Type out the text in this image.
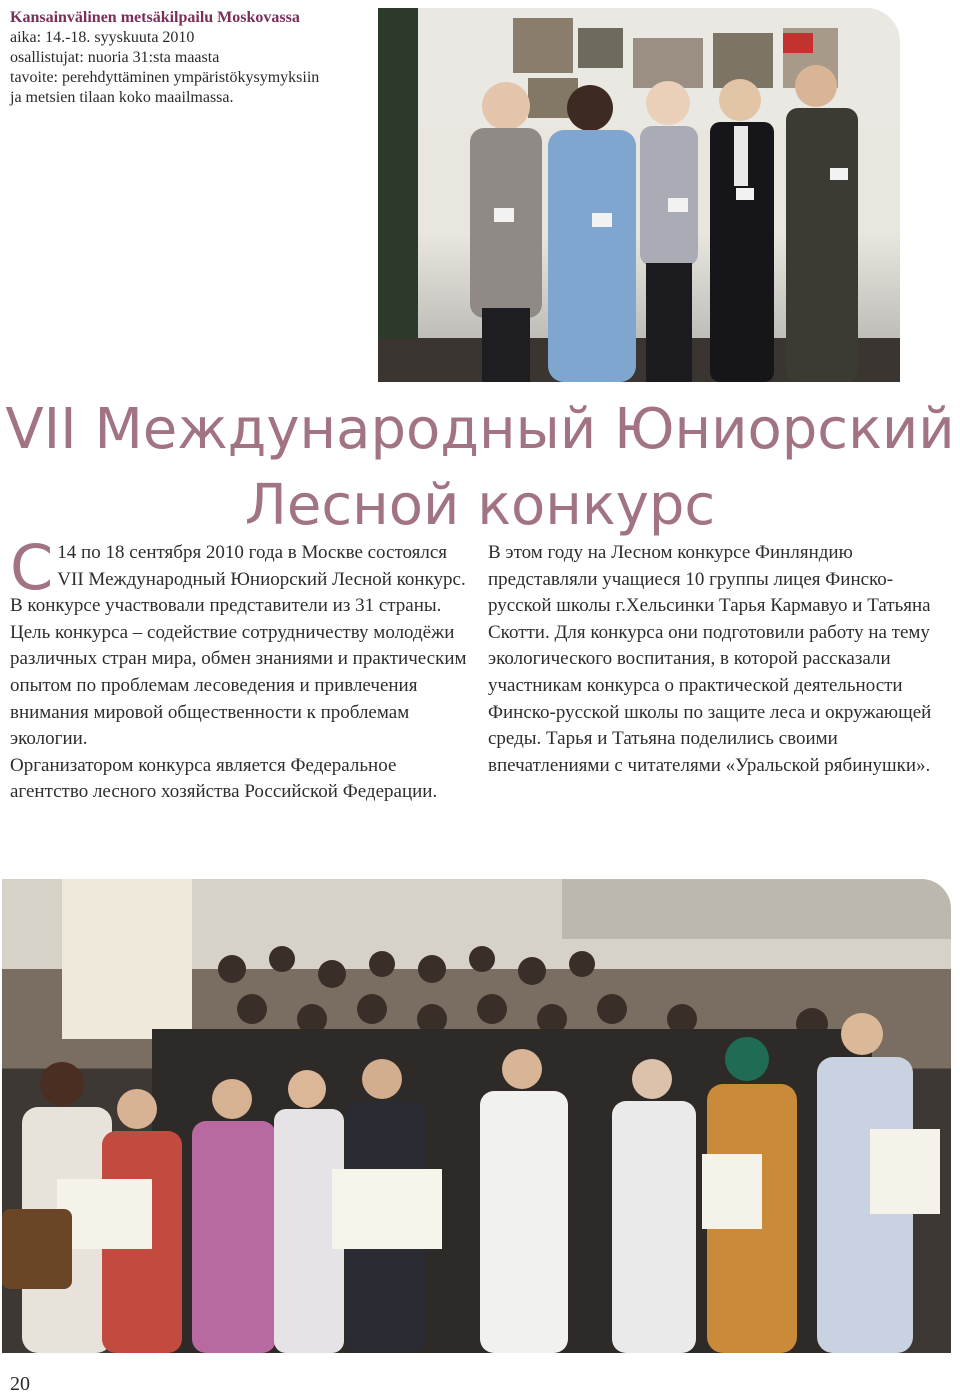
Kansainvälinen metsäkilpailu Moskovassa
aika: 14.-18. syyskuuta 2010
osallistujat: nuoria 31:sta maasta
tavoite: perehdyttäminen ympäristökysymyksiin
ja metsien tilaan koko maailmassa.
VII Международный Юниорский
Лесной конкурс

С 14 по 18 сентября 2010 года в Москве состоялся VII Международный Юниорский Лесной конкурс. В конкурсе участвовали представители из 31 страны.

Цель конкурса – содействие сотрудничеству молодёжи различных стран мира, обмен знаниями и практическим опытом по проблемам лесоведения и привлечения внимания мировой общественности к проблемам экологии.

Организатором конкурса является Федеральное агентство лесного хозяйства Российской Федерации.

В этом году на Лесном конкурсе Финляндию представляли учащиеся 10 группы лицея Финско-русской школы г.Хельсинки Тарья Кармавуо и Татьяна Скотти. Для конкурса они подготовили работу на тему экологического воспитания, в которой рассказали участникам конкурса о практической деятельности Финско-русской школы по защите леса и окружающей среды. Тарья и Татьяна поделились своими впечатлениями с читателями «Уральской рябинушки».

20
